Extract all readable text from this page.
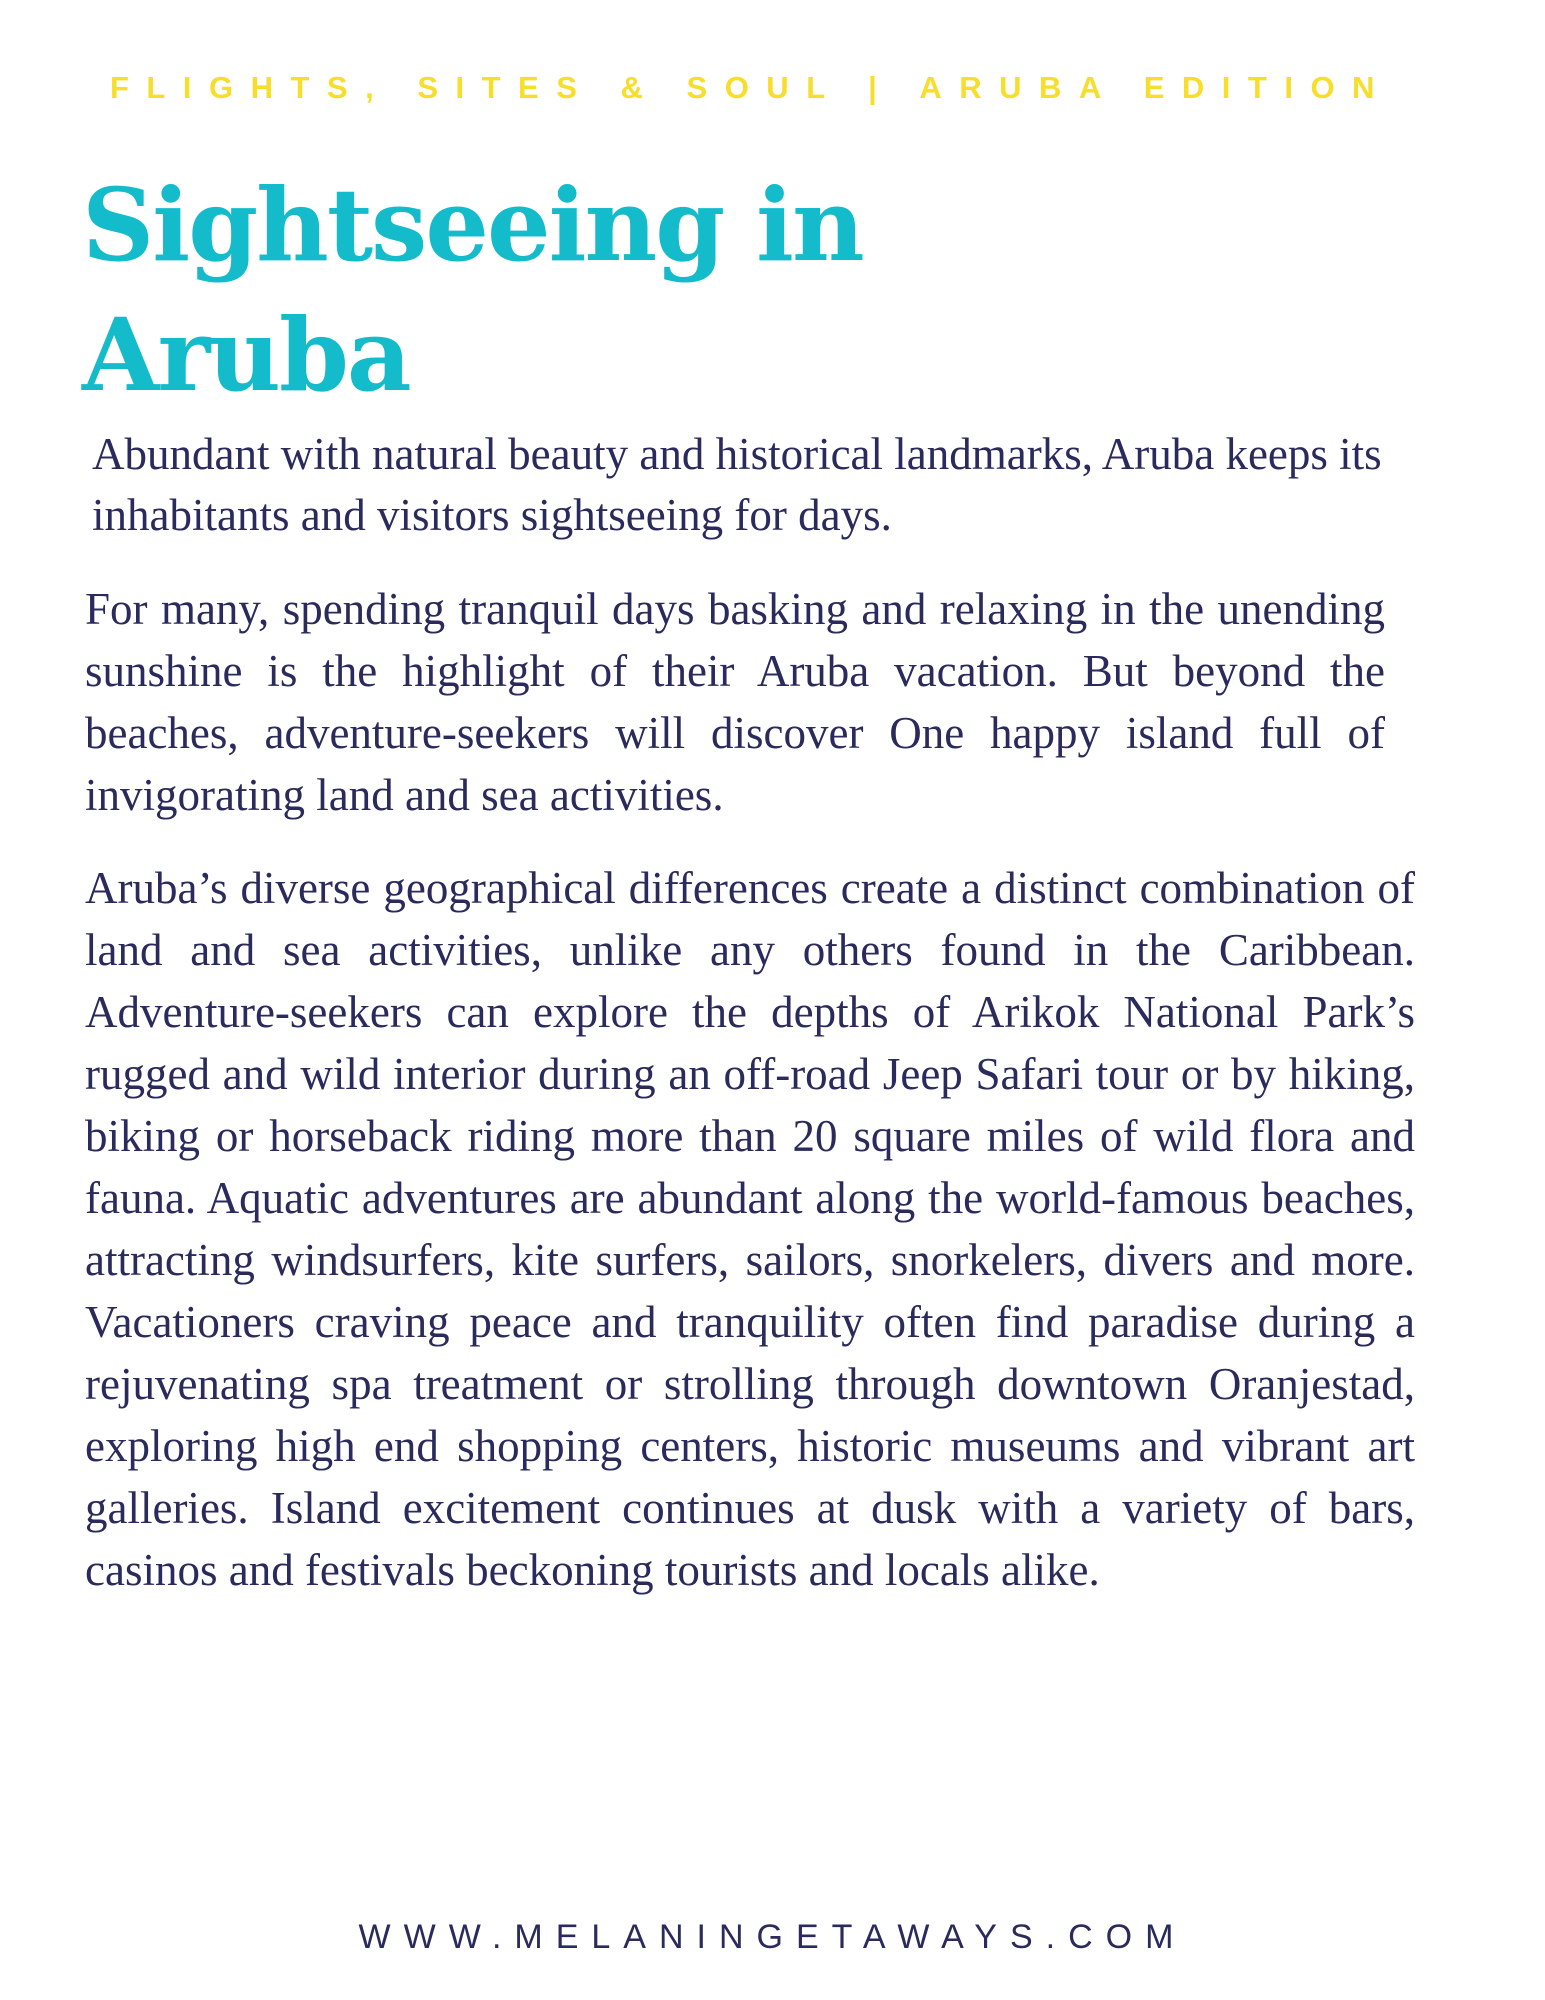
FLIGHTS, SITES & SOUL | ARUBA EDITION
Sightseeing in
Aruba

Abundant with natural beauty and historical landmarks, Aruba keeps its inhabitants and visitors sightseeing for days.

For many, spending tranquil days basking and relaxing in the unending sunshine is the highlight of their Aruba vacation. But beyond the beaches, adventure-seekers will discover One happy island full of invigorating land and sea activities.

Aruba’s diverse geographical differences create a distinct combination of land and sea activities, unlike any others found in the Caribbean. Adventure-seekers can explore the depths of Arikok National Park’s rugged and wild interior during an off-road Jeep Safari tour or by hiking, biking or horseback riding more than 20 square miles of wild flora and fauna. Aquatic adventures are abundant along the world-famous beaches, attracting windsurfers, kite surfers, sailors, snorkelers, divers and more. Vacationers craving peace and tranquility often find paradise during a rejuvenating spa treatment or strolling through downtown Oranjestad, exploring high end shopping centers, historic museums and vibrant art galleries. Island excitement continues at dusk with a variety of bars, casinos and festivals beckoning tourists and locals alike.

WWW.MELANINGETAWAYS.COM
